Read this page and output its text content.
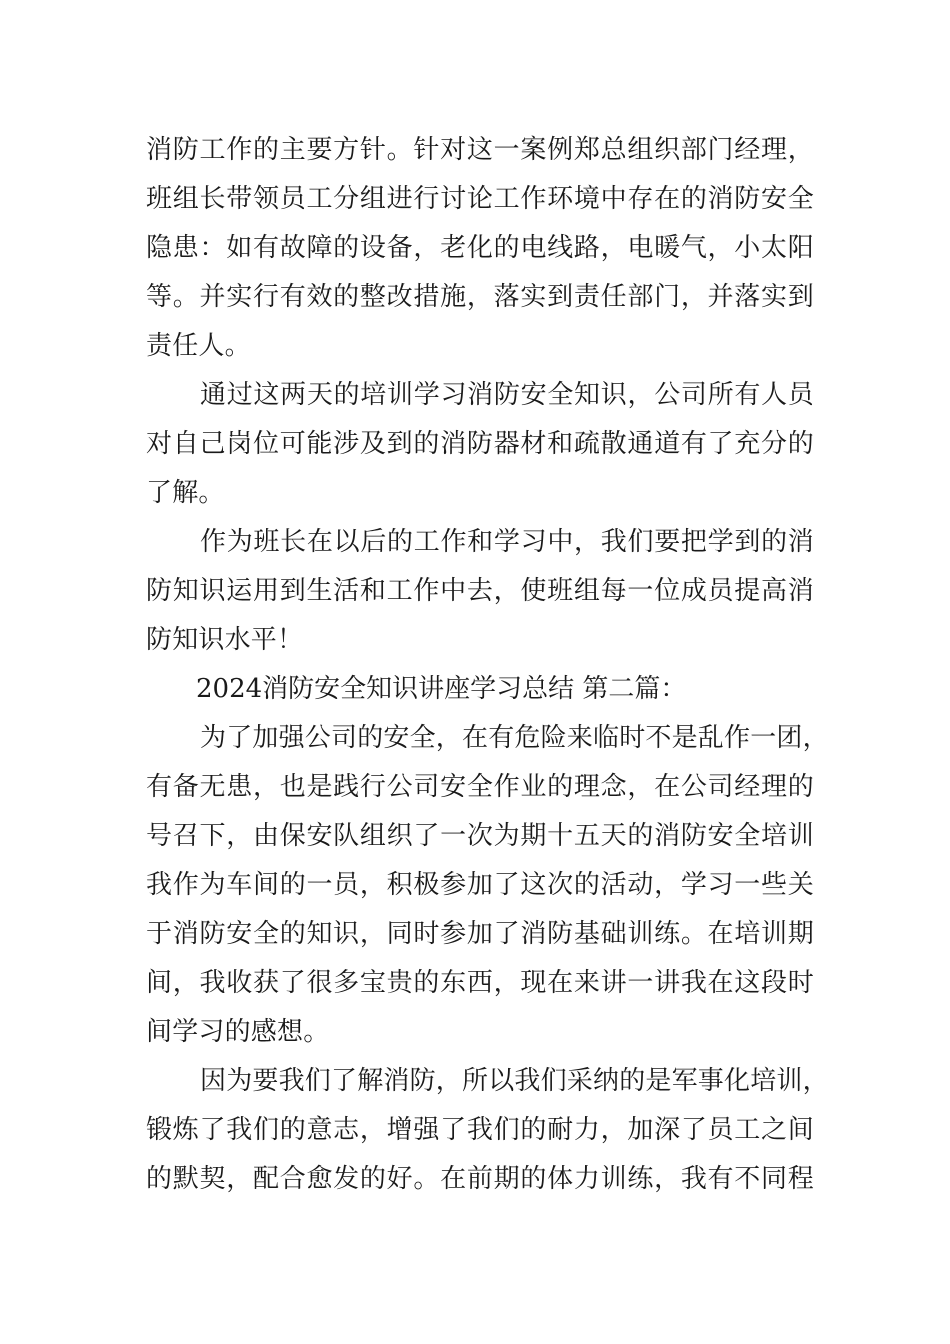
消防工作的主要方针。针对这一案例郑总组织部门经理，
班组长带领员工分组进行讨论工作环境中存在的消防安全
隐患：如有故障的设备，老化的电线路，电暖气，小太阳
等。并实行有效的整改措施，落实到责任部门，并落实到
责任人。

通过这两天的培训学习消防安全知识，公司所有人员
对自己岗位可能涉及到的消防器材和疏散通道有了充分的
了解。

作为班长在以后的工作和学习中，我们要把学到的消
防知识运用到生活和工作中去，使班组每一位成员提高消
防知识水平！

2024消防安全知识讲座学习总结 第二篇：

为了加强公司的安全，在有危险来临时不是乱作一团，
有备无患，也是践行公司安全作业的理念，在公司经理的
号召下，由保安队组织了一次为期十五天的消防安全培训
我作为车间的一员，积极参加了这次的活动，学习一些关
于消防安全的知识，同时参加了消防基础训练。在培训期
间，我收获了很多宝贵的东西，现在来讲一讲我在这段时
间学习的感想。

因为要我们了解消防，所以我们采纳的是军事化培训，
锻炼了我们的意志，增强了我们的耐力，加深了员工之间
的默契，配合愈发的好。在前期的体力训练，我有不同程
